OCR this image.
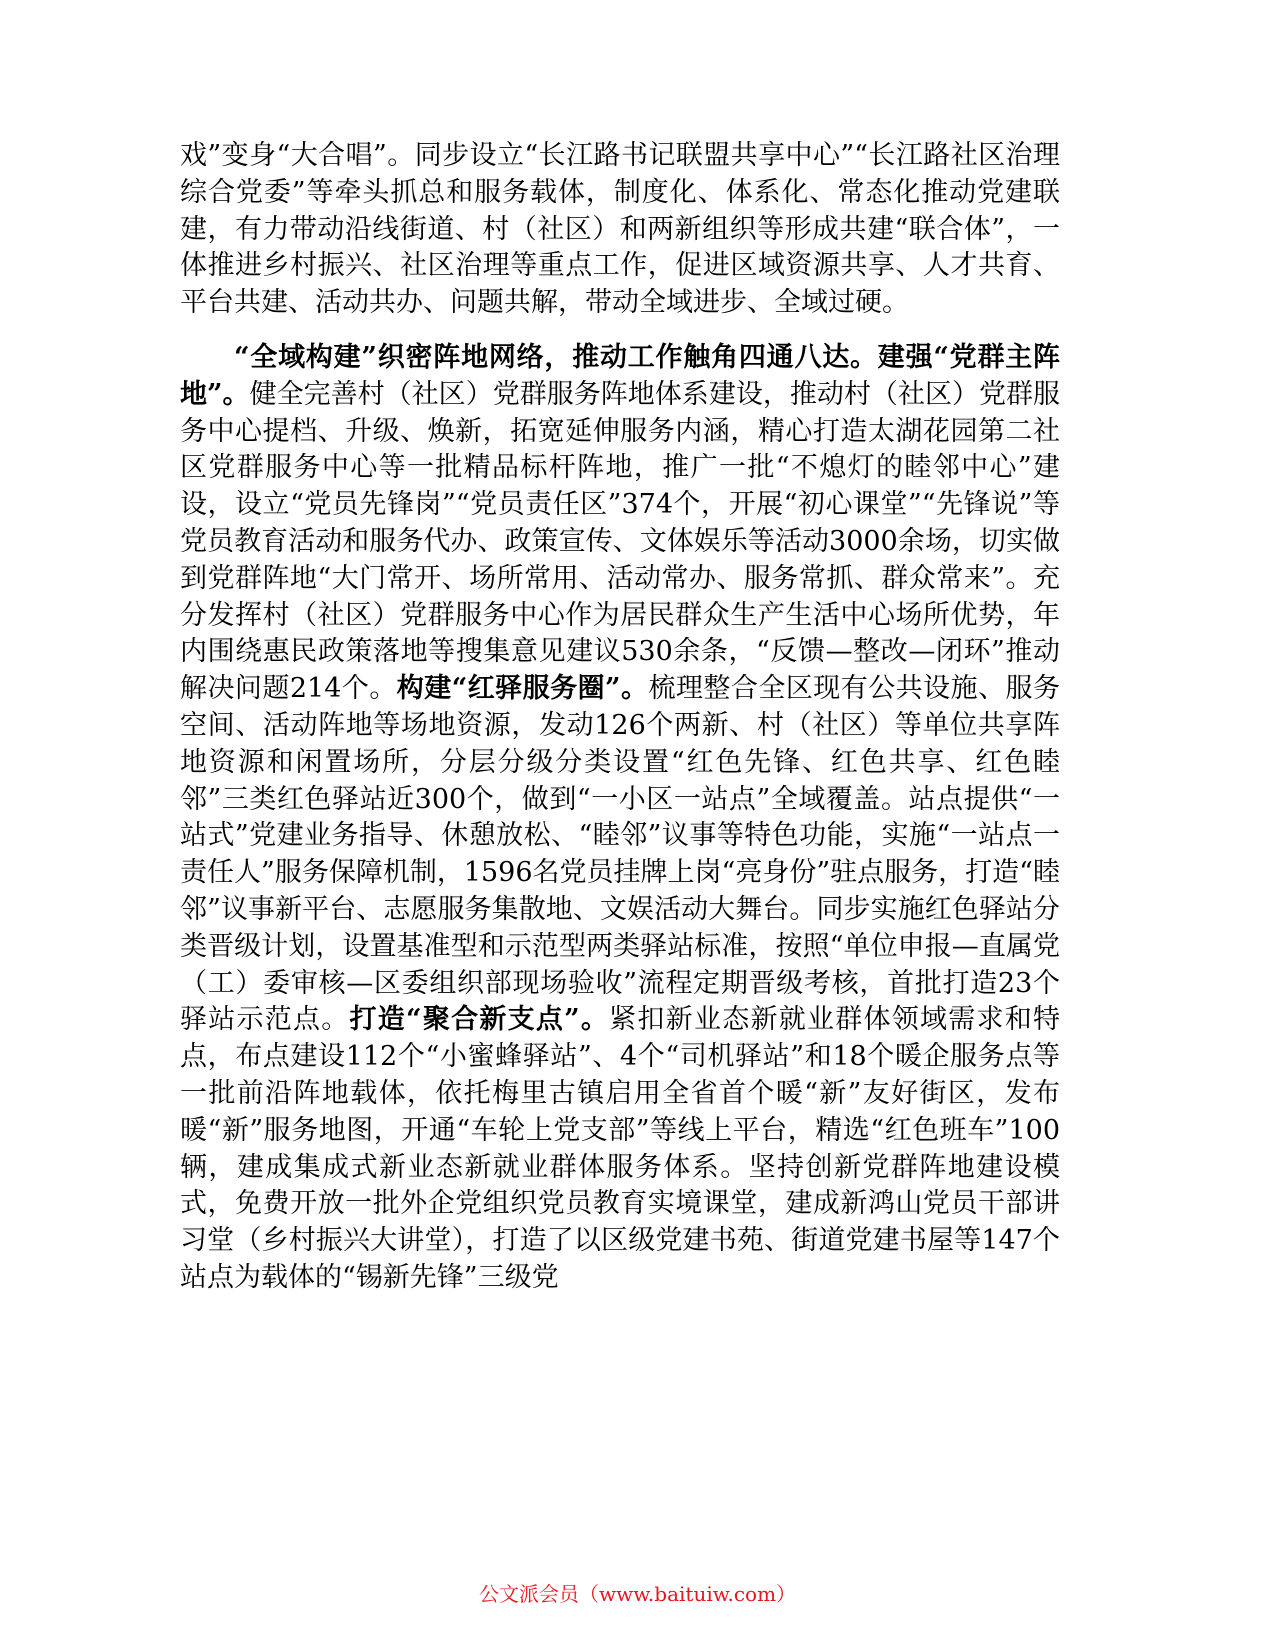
戏”变身“大合唱”。同步设立“长江路书记联盟共享中心”“长江路社区治理综合党委”等牵头抓总和服务载体，制度化、体系化、常态化推动党建联建，有力带动沿线街道、村（社区）和两新组织等形成共建“联合体”，一体推进乡村振兴、社区治理等重点工作，促进区域资源共享、人才共育、平台共建、活动共办、问题共解，带动全域进步、全域过硬。

“全域构建”织密阵地网络，推动工作触角四通八达。建强“党群主阵地”。健全完善村（社区）党群服务阵地体系建设，推动村（社区）党群服务中心提档、升级、焕新，拓宽延伸服务内涵，精心打造太湖花园第二社区党群服务中心等一批精品标杆阵地，推广一批“不熄灯的睦邻中心”建设，设立“党员先锋岗”“党员责任区”374个，开展“初心课堂”“先锋说”等党员教育活动和服务代办、政策宣传、文体娱乐等活动3000余场，切实做到党群阵地“大门常开、场所常用、活动常办、服务常抓、群众常来”。充分发挥村（社区）党群服务中心作为居民群众生产生活中心场所优势，年内围绕惠民政策落地等搜集意见建议530余条，“反馈—整改—闭环”推动解决问题214个。构建“红驿服务圈”。梳理整合全区现有公共设施、服务空间、活动阵地等场地资源，发动126个两新、村（社区）等单位共享阵地资源和闲置场所，分层分级分类设置“红色先锋、红色共享、红色睦邻”三类红色驿站近300个，做到“一小区一站点”全域覆盖。站点提供“一站式”党建业务指导、休憩放松、“睦邻”议事等特色功能，实施“一站点一责任人”服务保障机制，1596名党员挂牌上岗“亮身份”驻点服务，打造“睦邻”议事新平台、志愿服务集散地、文娱活动大舞台。同步实施红色驿站分类晋级计划，设置基准型和示范型两类驿站标准，按照“单位申报—直属党（工）委审核—区委组织部现场验收”流程定期晋级考核，首批打造23个驿站示范点。打造“聚合新支点”。紧扣新业态新就业群体领域需求和特点，布点建设112个“小蜜蜂驿站”、4个“司机驿站”和18个暖企服务点等一批前沿阵地载体，依托梅里古镇启用全省首个暖“新”友好街区，发布暖“新”服务地图，开通“车轮上党支部”等线上平台，精选“红色班车”100辆，建成集成式新业态新就业群体服务体系。坚持创新党群阵地建设模式，免费开放一批外企党组织党员教育实境课堂，建成新鸿山党员干部讲习堂（乡村振兴大讲堂），打造了以区级党建书苑、街道党建书屋等147个站点为载体的“锡新先锋”三级党

公文派会员（www.baituiw.com）
